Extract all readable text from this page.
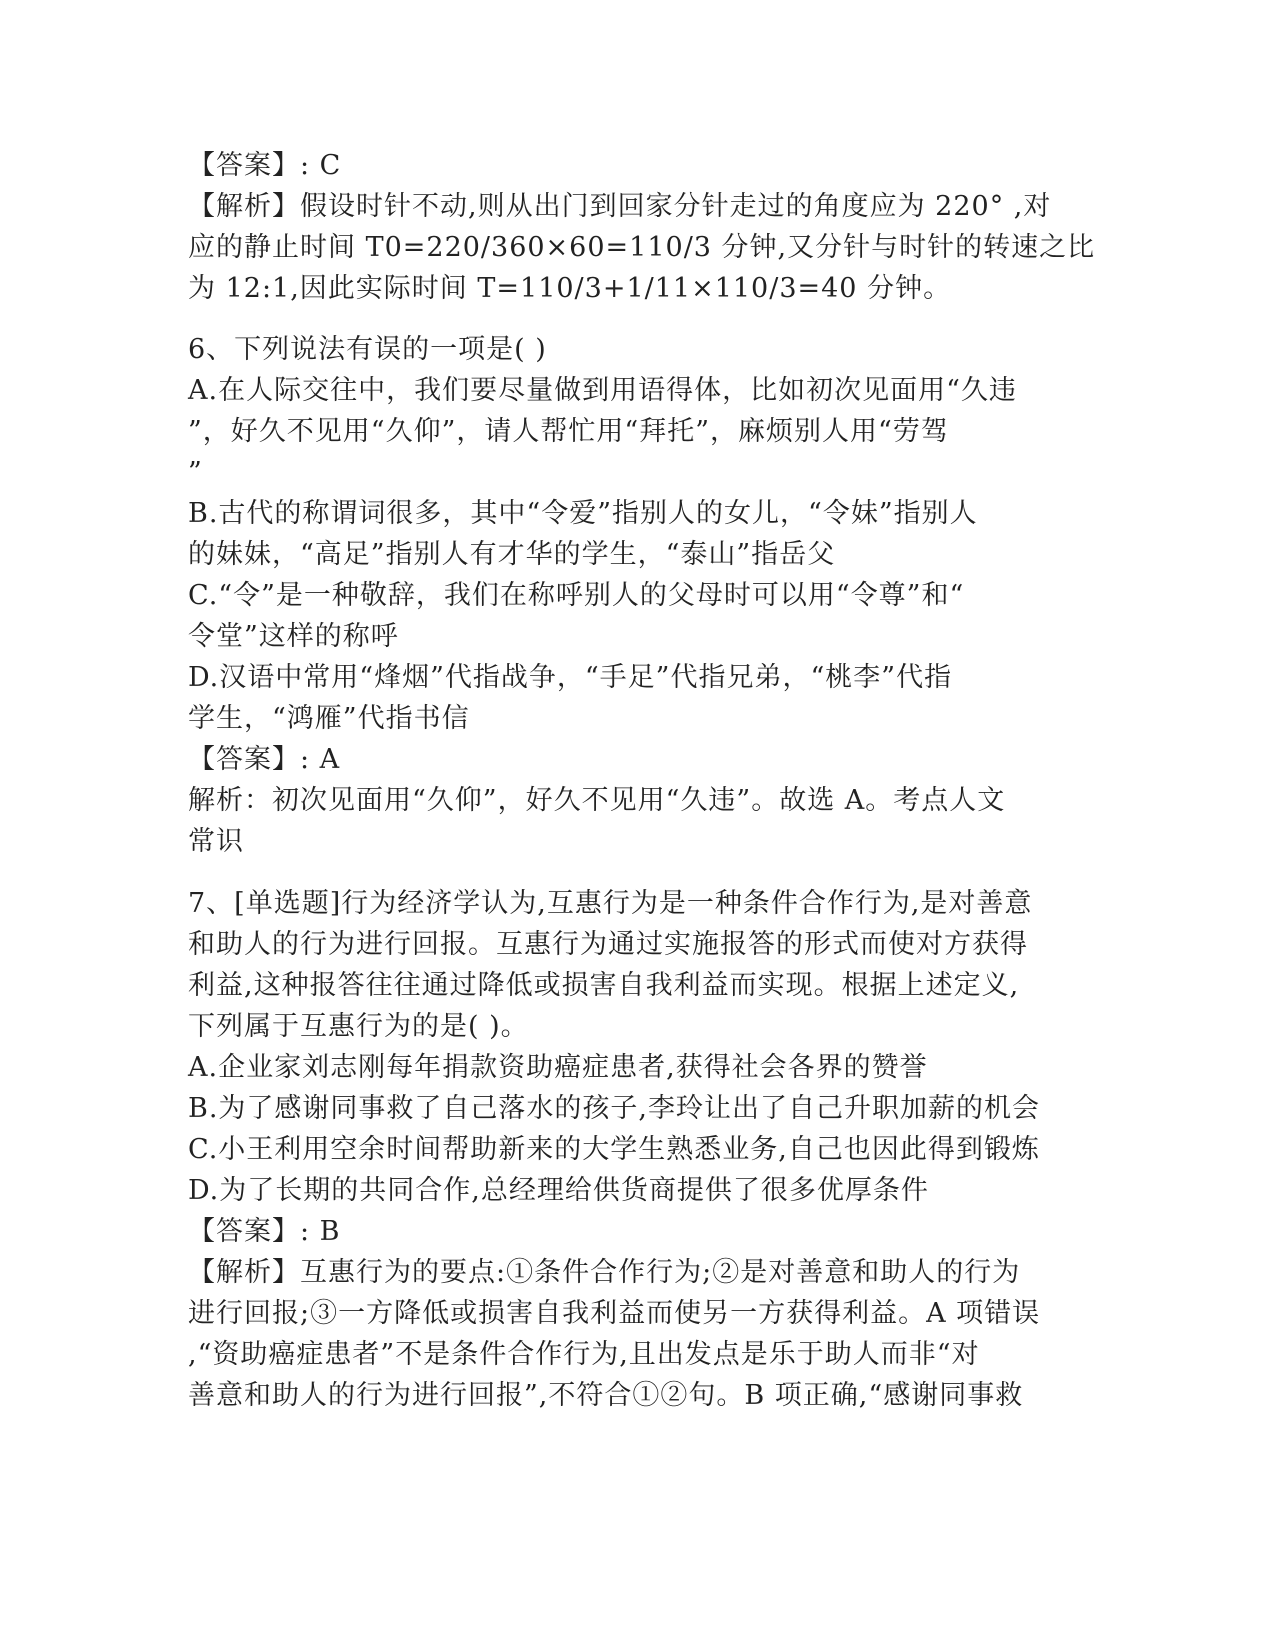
【答案】: C
【解析】假设时针不动,则从出门到回家分针走过的角度应为 220° ,对
应的静止时间 T0=220/360×60=110/3 分钟,又分针与时针的转速之比
为 12:1,因此实际时间 T=110/3+1/11×110/3=40 分钟。
6、下列说法有误的一项是( )
A.在人际交往中，我们要尽量做到用语得体，比如初次见面用“久违
”，好久不见用“久仰”，请人帮忙用“拜托”，麻烦别人用“劳驾
”
B.古代的称谓词很多，其中“令爱”指别人的女儿，“令妹”指别人
的妹妹，“高足”指别人有才华的学生，“泰山”指岳父
C.“令”是一种敬辞，我们在称呼别人的父母时可以用“令尊”和“
令堂”这样的称呼
D.汉语中常用“烽烟”代指战争，“手足”代指兄弟，“桃李”代指
学生，“鸿雁”代指书信
【答案】: A
解析：初次见面用“久仰”，好久不见用“久违”。故选 A。考点人文
常识
7、[单选题]行为经济学认为,互惠行为是一种条件合作行为,是对善意
和助人的行为进行回报。互惠行为通过实施报答的形式而使对方获得
利益,这种报答往往通过降低或损害自我利益而实现。根据上述定义,
下列属于互惠行为的是( )。
A.企业家刘志刚每年捐款资助癌症患者,获得社会各界的赞誉
B.为了感谢同事救了自己落水的孩子,李玲让出了自己升职加薪的机会
C.小王利用空余时间帮助新来的大学生熟悉业务,自己也因此得到锻炼
D.为了长期的共同合作,总经理给供货商提供了很多优厚条件
【答案】: B
【解析】互惠行为的要点:①条件合作行为;②是对善意和助人的行为
进行回报;③一方降低或损害自我利益而使另一方获得利益。A 项错误
,“资助癌症患者”不是条件合作行为,且出发点是乐于助人而非“对
善意和助人的行为进行回报”,不符合①②句。B 项正确,“感谢同事救
